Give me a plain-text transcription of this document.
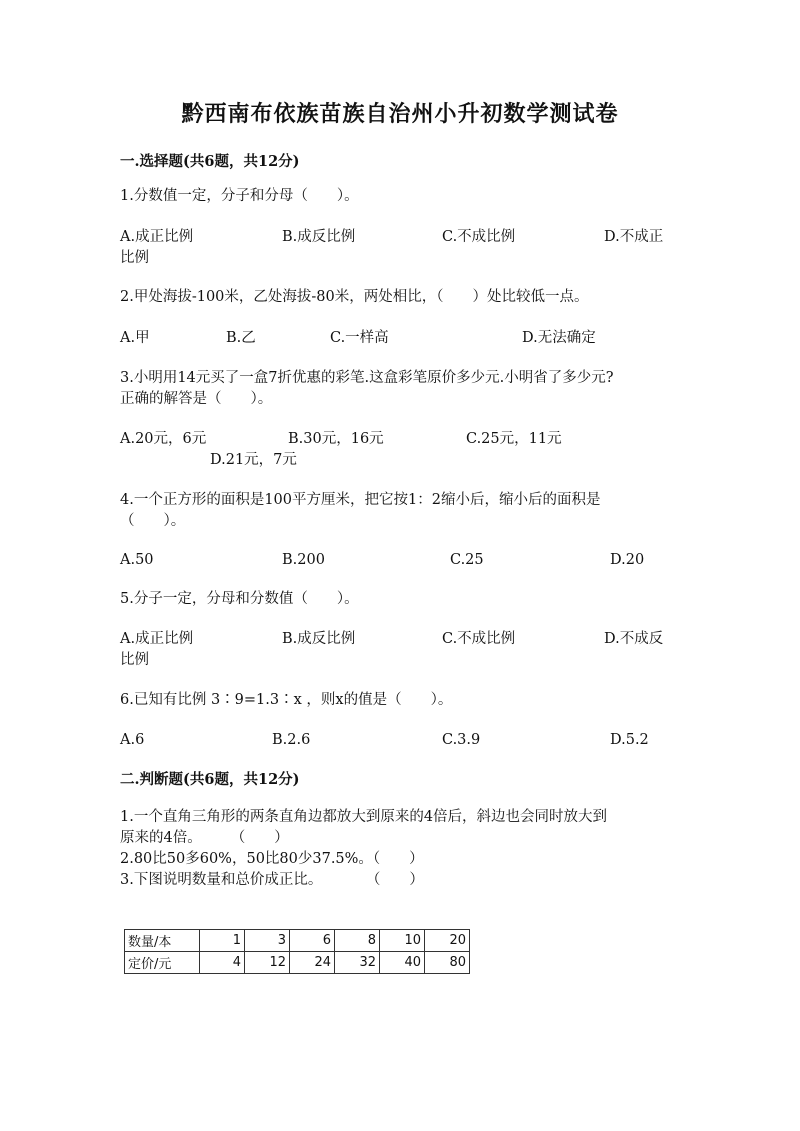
黔西南布依族苗族自治州小升初数学测试卷
一.选择题(共6题，共12分)
1.分数值一定，分子和分母（　　）。
A.成正比例	B.成反比例	C.不成比例	D.不成正
比例
2.甲处海拔-100米，乙处海拔-80米，两处相比，（　　）处比较低一点。
A.甲	B.乙	C.一样高	D.无法确定
3.小明用14元买了一盒7折优惠的彩笔.这盒彩笔原价多少元.小明省了多少元?
正确的解答是（　　）。
A.20元，6元	B.30元，16元	C.25元，11元
D.21元，7元
4.一个正方形的面积是100平方厘米，把它按1：2缩小后，缩小后的面积是
（　　）。
A.50	B.200	C.25	D.20
5.分子一定，分母和分数值（　　）。
A.成正比例	B.成反比例	C.不成比例	D.不成反
比例
6.已知有比例 3∶9=1.3∶x ，则x的值是（　　）。
A.6	B.2.6	C.3.9	D.5.2
二.判断题(共6题，共12分)
1.一个直角三角形的两条直角边都放大到原来的4倍后，斜边也会同时放大到
原来的4倍。　　　（　　）
2.80比50多60%，50比80少37.5%。（　　）
3.下图说明数量和总价成正比。　　　　（　　）
数量/本	1	3	6	8	10	20
定价/元	4	12	24	32	40	80
